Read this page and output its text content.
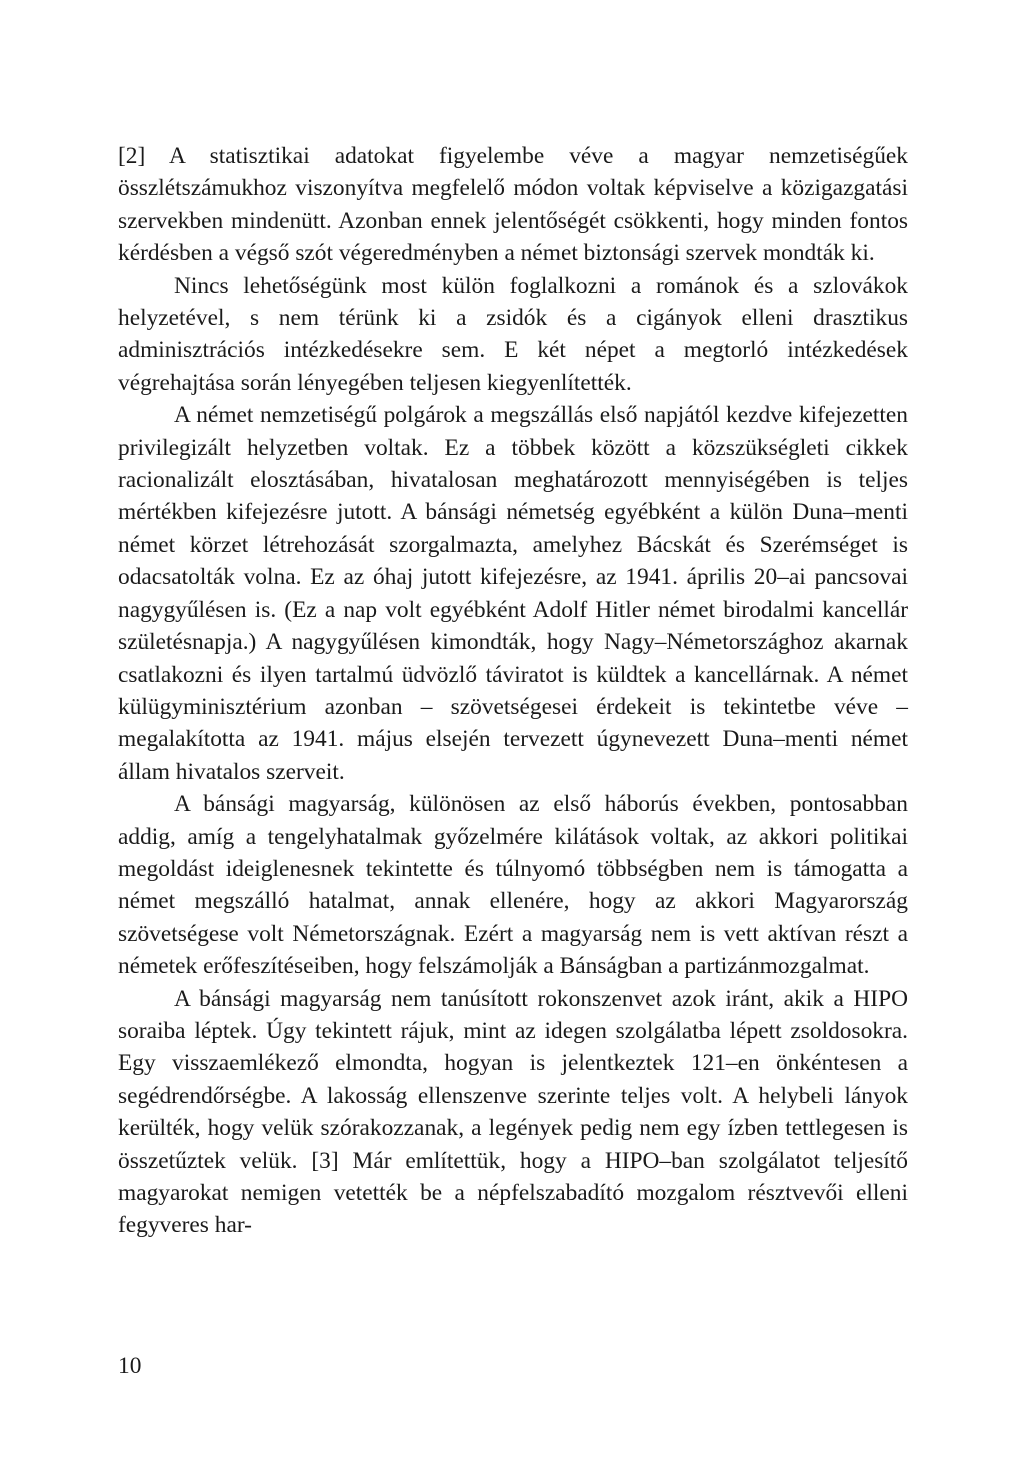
[2] A statisztikai adatokat figyelembe véve a magyar nemzetiségűek összlétszámukhoz viszonyítva megfelelő módon voltak képviselve a közigazgatási szervekben mindenütt. Azonban ennek jelentőségét csökkenti, hogy minden fontos kérdésben a végső szót végeredményben a német biztonsági szervek mondták ki.

Nincs lehetőségünk most külön foglalkozni a románok és a szlovákok helyzetével, s nem térünk ki a zsidók és a cigányok elleni drasztikus adminisztrációs intézkedésekre sem. E két népet a megtorló intézkedések végrehajtása során lényegében teljesen kiegyenlítették.

A német nemzetiségű polgárok a megszállás első napjától kezdve kifejezetten privilegizált helyzetben voltak. Ez a többek között a közszükségleti cikkek racionalizált elosztásában, hivatalosan meghatározott mennyiségében is teljes mértékben kifejezésre jutott. A bánsági németség egyébként a külön Duna–menti német körzet létrehozását szorgalmazta, amelyhez Bácskát és Szerémséget is odacsatolták volna. Ez az óhaj jutott kifejezésre, az 1941. április 20–ai pancsovai nagygyűlésen is. (Ez a nap volt egyébként Adolf Hitler német birodalmi kancellár születésnapja.) A nagygyűlésen kimondták, hogy Nagy–Németországhoz akarnak csatlakozni és ilyen tartalmú üdvözlő táviratot is küldtek a kancellárnak. A német külügyminisztérium azonban – szövetségesei érdekeit is tekintetbe véve – megalakította az 1941. május elsején tervezett úgynevezett Duna–menti német állam hivatalos szerveit.

A bánsági magyarság, különösen az első háborús években, pontosabban addig, amíg a tengelyhatalmak győzelmére kilátások voltak, az akkori politikai megoldást ideiglenesnek tekintette és túlnyomó többségben nem is támogatta a német megszálló hatalmat, annak ellenére, hogy az akkori Magyarország szövetségese volt Németországnak. Ezért a magyarság nem is vett aktívan részt a németek erőfeszítéseiben, hogy felszámolják a Bánságban a partizánmozgalmat.

A bánsági magyarság nem tanúsított rokonszenvet azok iránt, akik a HIPO soraiba léptek. Úgy tekintett rájuk, mint az idegen szolgálatba lépett zsoldosokra. Egy visszaemlékező elmondta, hogyan is jelentkeztek 121–en önkéntesen a segédrendőrségbe. A lakosság ellenszenve szerinte teljes volt. A helybeli lányok kerülték, hogy velük szórakozzanak, a legények pedig nem egy ízben tettlegesen is összetűztek velük. [3] Már említettük, hogy a HIPO–ban szolgálatot teljesítő magyarokat nemigen vetették be a népfelszabadító mozgalom résztvevői elleni fegyveres har-

10
